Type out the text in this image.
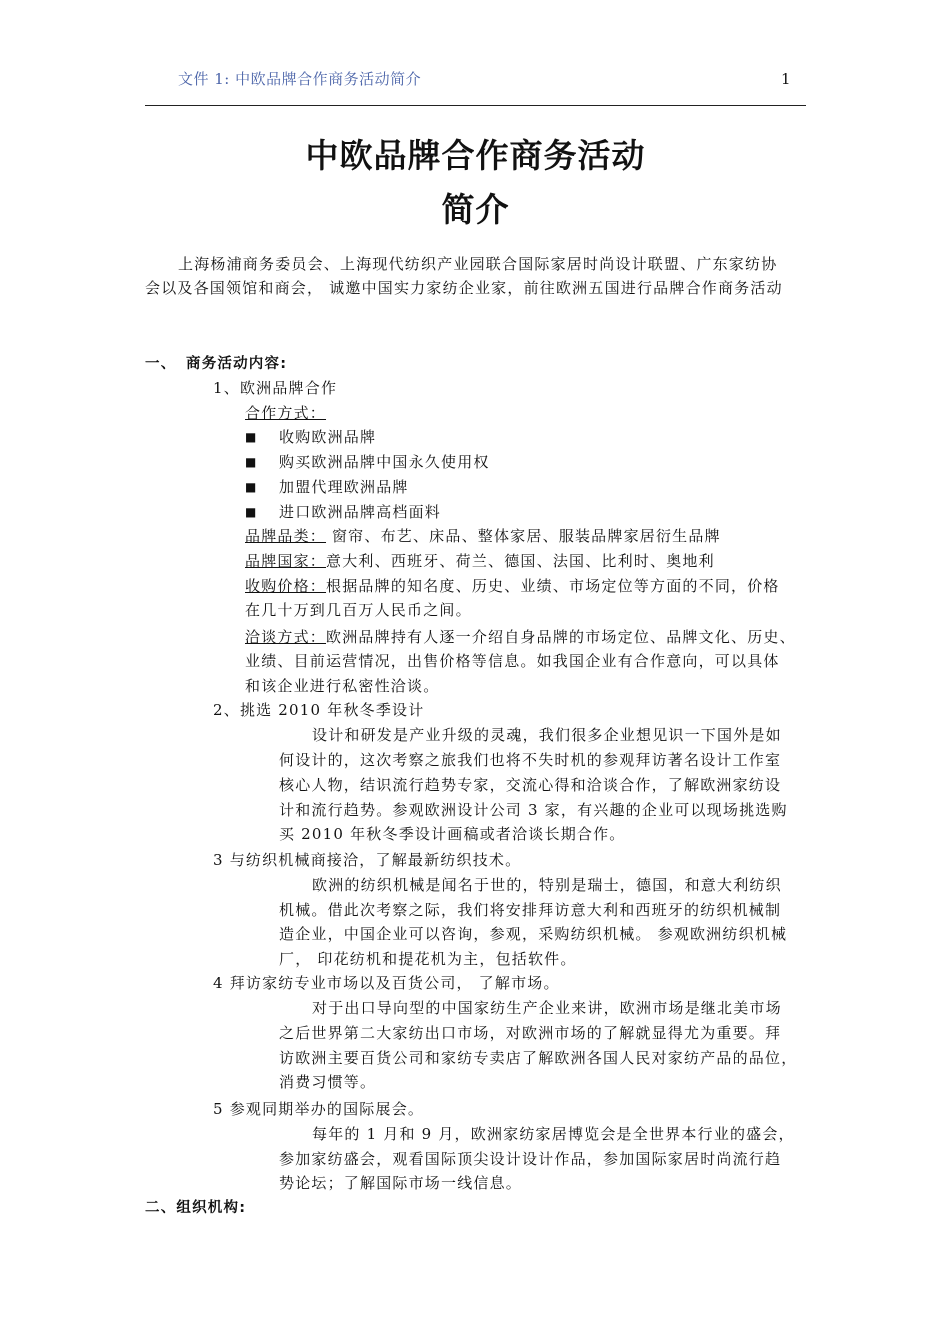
文件 1: 中欧品牌合作商务活动简介	1
中欧品牌合作商务活动
简介
上海杨浦商务委员会、上海现代纺织产业园联合国际家居时尚设计联盟、广东家纺协
会以及各国领馆和商会， 诚邀中国实力家纺企业家，前往欧洲五国进行品牌合作商务活动
一、 商务活动内容:
1、欧洲品牌合作
合作方式：
■ 收购欧洲品牌
■ 购买欧洲品牌中国永久使用权
■ 加盟代理欧洲品牌
■ 进口欧洲品牌高档面料
品牌品类： 窗帘、布艺、床品、整体家居、服装品牌家居衍生品牌
品牌国家：意大利、西班牙、荷兰、德国、法国、比利时、奥地利
收购价格：根据品牌的知名度、历史、业绩、市场定位等方面的不同，价格
在几十万到几百万人民币之间。
洽谈方式：欧洲品牌持有人逐一介绍自身品牌的市场定位、品牌文化、历史、
业绩、目前运营情况，出售价格等信息。如我国企业有合作意向，可以具体
和该企业进行私密性洽谈。
2、挑选 2010 年秋冬季设计
设计和研发是产业升级的灵魂，我们很多企业想见识一下国外是如
何设计的，这次考察之旅我们也将不失时机的参观拜访著名设计工作室
核心人物，结识流行趋势专家，交流心得和洽谈合作，了解欧洲家纺设
计和流行趋势。参观欧洲设计公司 3 家，有兴趣的企业可以现场挑选购
买 2010 年秋冬季设计画稿或者洽谈长期合作。
3 与纺织机械商接洽，了解最新纺织技术。
欧洲的纺织机械是闻名于世的，特别是瑞士，德国，和意大利纺织
机械。借此次考察之际，我们将安排拜访意大利和西班牙的纺织机械制
造企业，中国企业可以咨询，参观，采购纺织机械。 参观欧洲纺织机械
厂， 印花纺机和提花机为主，包括软件。
4 拜访家纺专业市场以及百货公司， 了解市场。
对于出口导向型的中国家纺生产企业来讲，欧洲市场是继北美市场
之后世界第二大家纺出口市场，对欧洲市场的了解就显得尤为重要。拜
访欧洲主要百货公司和家纺专卖店了解欧洲各国人民对家纺产品的品位，
消费习惯等。
5 参观同期举办的国际展会。
每年的 1 月和 9 月，欧洲家纺家居博览会是全世界本行业的盛会，
参加家纺盛会，观看国际顶尖设计设计作品，参加国际家居时尚流行趋
势论坛；了解国际市场一线信息。
二、组织机构:
